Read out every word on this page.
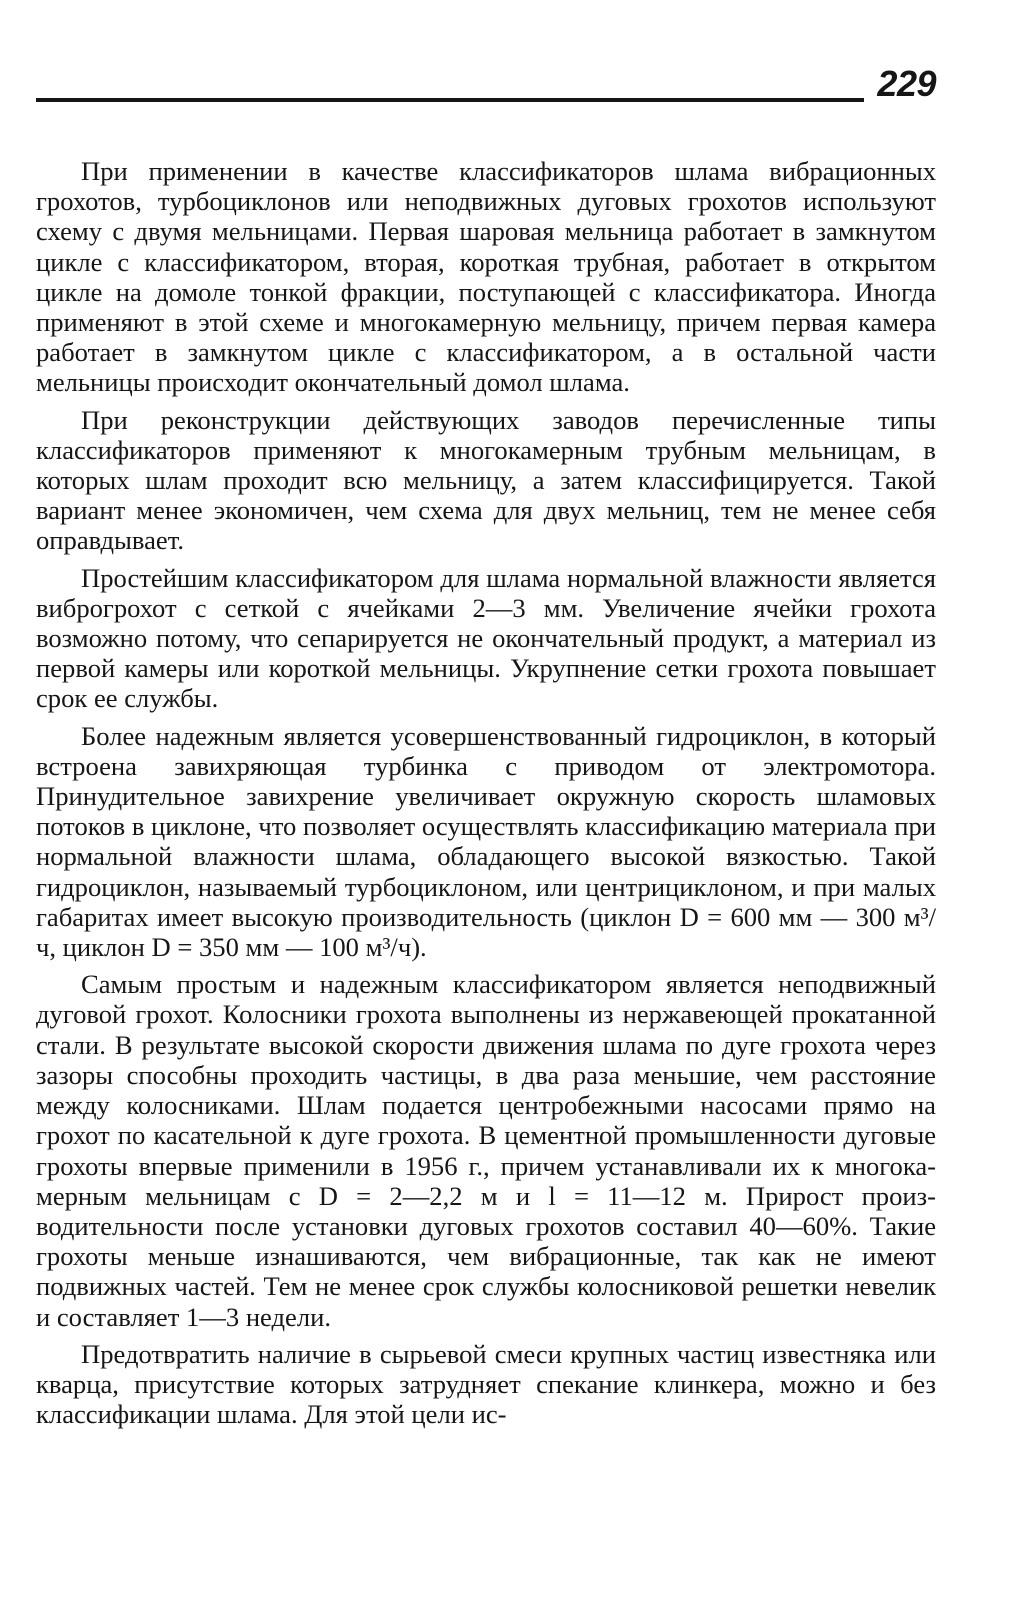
229

При применении в качестве классификаторов шлама вибрационных грохотов, турбоциклонов или неподвижных дуговых грохотов используют схему с двумя мельницами. Первая шаровая мельница работает в замкнутом цикле с классификатором, вторая, короткая трубная, работает в открытом цикле на домоле тонкой фракции, поступающей с классификатора. Иногда применяют в этой схеме и многокамерную мельницу, причем первая камера работает в замкнутом цикле с классификатором, а в остальной части мельницы происходит окончательный домол шлама.

При реконструкции действующих заводов перечисленные типы классификаторов применяют к многокамерным трубным мельницам, в которых шлам проходит всю мельницу, а затем классифицируется. Такой вариант менее экономичен, чем схема для двух мельниц, тем не менее себя оправдывает.

Простейшим классификатором для шлама нормальной влажности является виброгрохот с сеткой с ячейками 2—3 мм. Увеличение ячейки грохота возможно потому, что сепарируется не окончательный продукт, а материал из первой камеры или короткой мельницы. Укрупнение сетки грохота повышает срок ее службы.

Более надежным является усовершенствованный гидроциклон, в который встроена завихряющая турбинка с приводом от электромотора. Принудительное завихрение увеличивает окружную скорость шламовых потоков в циклоне, что позволяет осуществлять классификацию материала при нормальной влажности шлама, обладающего высокой вязкостью. Такой гидроциклон, называемый турбоциклоном, или центрициклоном, и при малых габаритах имеет высокую производительность (циклон D = 600 мм — 300 м³/ч, циклон D = 350 мм — 100 м³/ч).

Самым простым и надежным классификатором является неподвижный дуговой грохот. Колосники грохота выполнены из нержавеющей прокатанной стали. В результате высокой скорости движения шлама по дуге грохота через зазоры способны проходить частицы, в два раза меньшие, чем расстояние между колосниками. Шлам подается центробежными насосами прямо на грохот по касательной к дуге грохота. В цементной промышленности дуговые грохоты впервые применили в 1956 г., причем устанавливали их к многокамерным мельницам с D = 2—2,2 м и l = 11—12 м. Прирост производительности после установки дуговых грохотов составил 40—60%. Такие грохоты меньше изнашиваются, чем вибрационные, так как не имеют подвижных частей. Тем не менее срок службы колосниковой решетки невелик и составляет 1—3 недели.

Предотвратить наличие в сырьевой смеси крупных частиц известняка или кварца, присутствие которых затрудняет спекание клинкера, можно и без классификации шлама. Для этой цели ис-
